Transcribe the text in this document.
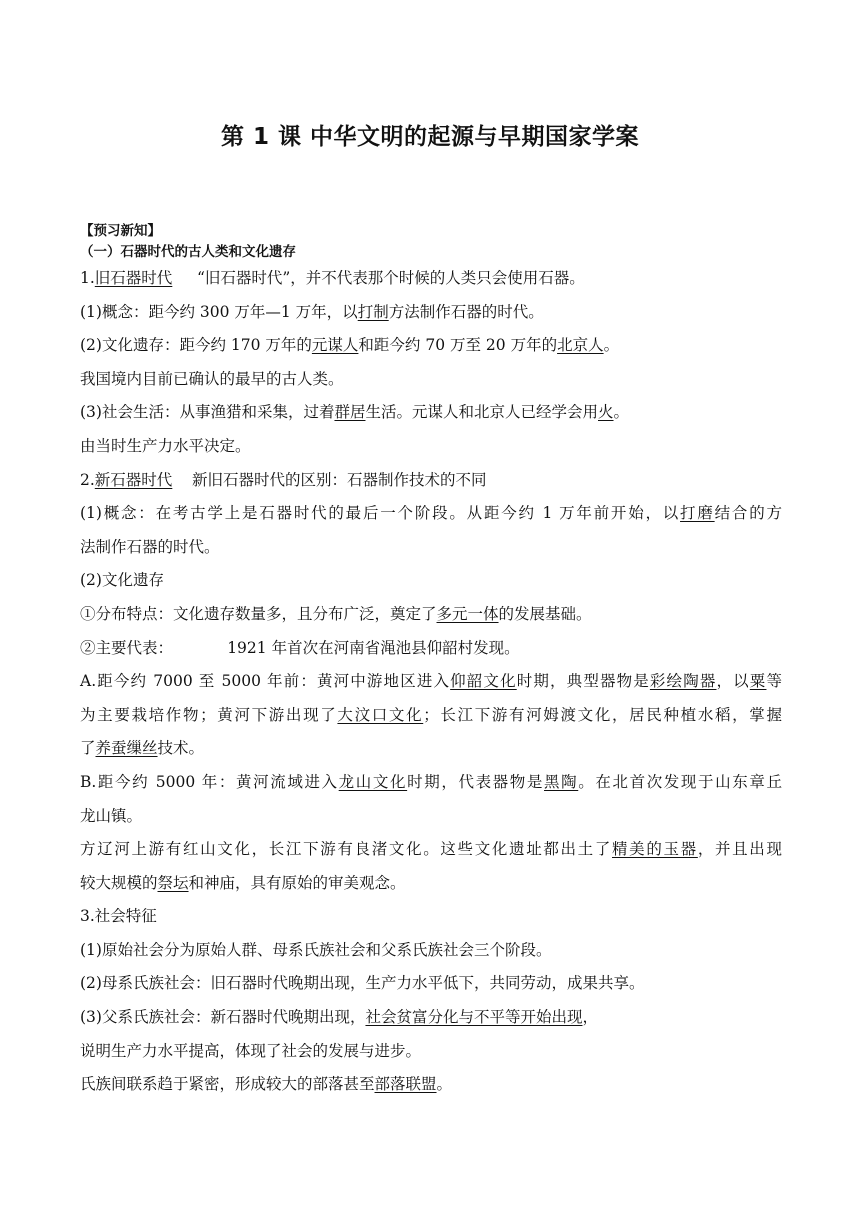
第 1 课 中华文明的起源与早期国家学案
【预习新知】
（一）石器时代的古人类和文化遗存
1.旧石器时代     “旧石器时代”，并不代表那个时候的人类只会使用石器。
(1)概念：距今约 300 万年—1 万年，以打制方法制作石器的时代。
(2)文化遗存：距今约 170 万年的元谋人和距今约 70 万至 20 万年的北京人。
我国境内目前已确认的最早的古人类。
(3)社会生活：从事渔猎和采集，过着群居生活。元谋人和北京人已经学会用火。
由当时生产力水平决定。
2.新石器时代    新旧石器时代的区别：石器制作技术的不同
(1)概念：在考古学上是石器时代的最后一个阶段。从距今约 1 万年前开始，以打磨结合的方
法制作石器的时代。
(2)文化遗存
①分布特点：文化遗存数量多，且分布广泛，奠定了多元一体的发展基础。
②主要代表：           1921 年首次在河南省渑池县仰韶村发现。
A.距今约 7000 至 5000 年前：黄河中游地区进入仰韶文化时期，典型器物是彩绘陶器，以粟等
为主要栽培作物；黄河下游出现了大汶口文化；长江下游有河姆渡文化，居民种植水稻，掌握
了养蚕缫丝技术。
B.距今约 5000 年：黄河流域进入龙山文化时期，代表器物是黑陶。在北首次发现于山东章丘
龙山镇。
方辽河上游有红山文化，长江下游有良渚文化。这些文化遗址都出土了精美的玉器，并且出现
较大规模的祭坛和神庙，具有原始的审美观念。
3.社会特征
(1)原始社会分为原始人群、母系氏族社会和父系氏族社会三个阶段。
(2)母系氏族社会：旧石器时代晚期出现，生产力水平低下，共同劳动，成果共享。
(3)父系氏族社会：新石器时代晚期出现，社会贫富分化与不平等开始出现，
说明生产力水平提高，体现了社会的发展与进步。
氏族间联系趋于紧密，形成较大的部落甚至部落联盟。
